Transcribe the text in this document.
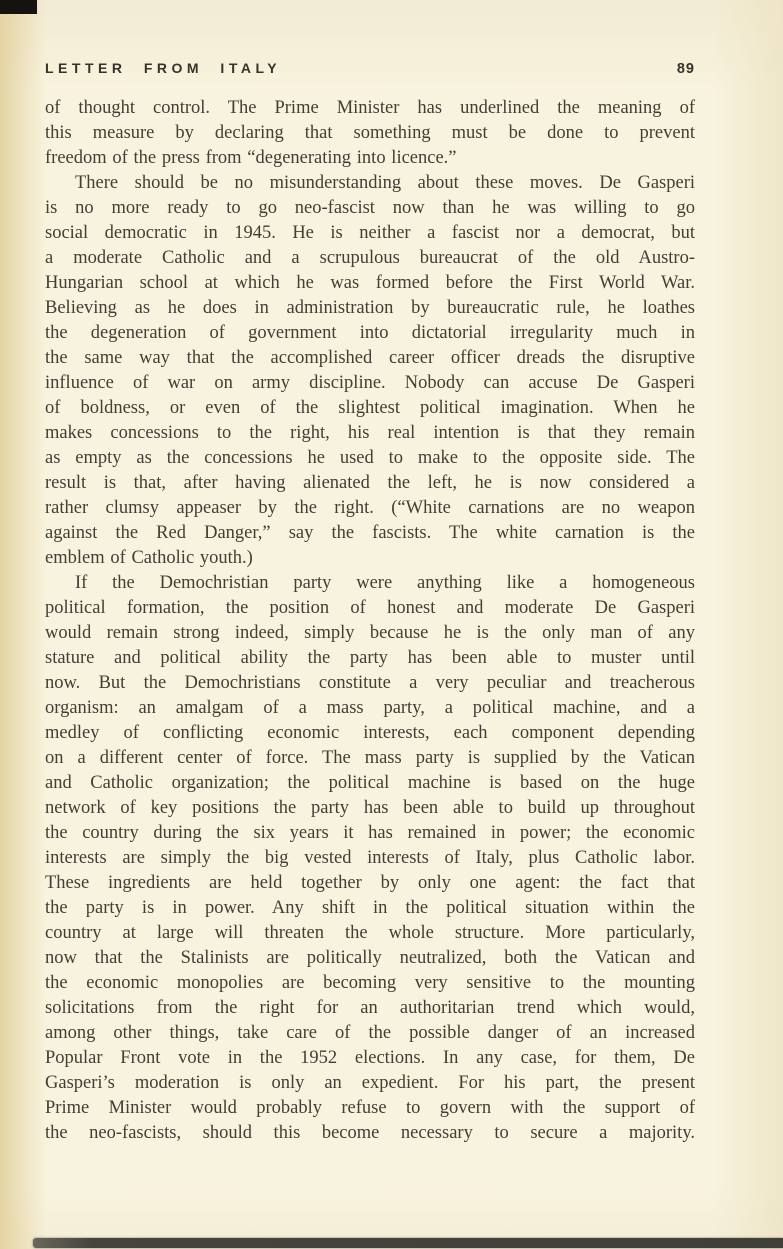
LETTER FROM ITALY	89
of thought control. The Prime Minister has underlined the meaning of
this measure by declaring that something must be done to prevent
freedom of the press from “degenerating into licence.”
There should be no misunderstanding about these moves. De Gasperi
is no more ready to go neo-fascist now than he was willing to go
social democratic in 1945. He is neither a fascist nor a democrat, but
a moderate Catholic and a scrupulous bureaucrat of the old Austro-
Hungarian school at which he was formed before the First World War.
Believing as he does in administration by bureaucratic rule, he loathes
the degeneration of government into dictatorial irregularity much in
the same way that the accomplished career officer dreads the disruptive
influence of war on army discipline. Nobody can accuse De Gasperi
of boldness, or even of the slightest political imagination. When he
makes concessions to the right, his real intention is that they remain
as empty as the concessions he used to make to the opposite side. The
result is that, after having alienated the left, he is now considered a
rather clumsy appeaser by the right. (“White carnations are no weapon
against the Red Danger,” say the fascists. The white carnation is the
emblem of Catholic youth.)
If the Demochristian party were anything like a homogeneous
political formation, the position of honest and moderate De Gasperi
would remain strong indeed, simply because he is the only man of any
stature and political ability the party has been able to muster until
now. But the Demochristians constitute a very peculiar and treacherous
organism: an amalgam of a mass party, a political machine, and a
medley of conflicting economic interests, each component depending
on a different center of force. The mass party is supplied by the Vatican
and Catholic organization; the political machine is based on the huge
network of key positions the party has been able to build up throughout
the country during the six years it has remained in power; the economic
interests are simply the big vested interests of Italy, plus Catholic labor.
These ingredients are held together by only one agent: the fact that
the party is in power. Any shift in the political situation within the
country at large will threaten the whole structure. More particularly,
now that the Stalinists are politically neutralized, both the Vatican and
the economic monopolies are becoming very sensitive to the mounting
solicitations from the right for an authoritarian trend which would,
among other things, take care of the possible danger of an increased
Popular Front vote in the 1952 elections. In any case, for them, De
Gasperi’s moderation is only an expedient. For his part, the present
Prime Minister would probably refuse to govern with the support of
the neo-fascists, should this become necessary to secure a majority.
